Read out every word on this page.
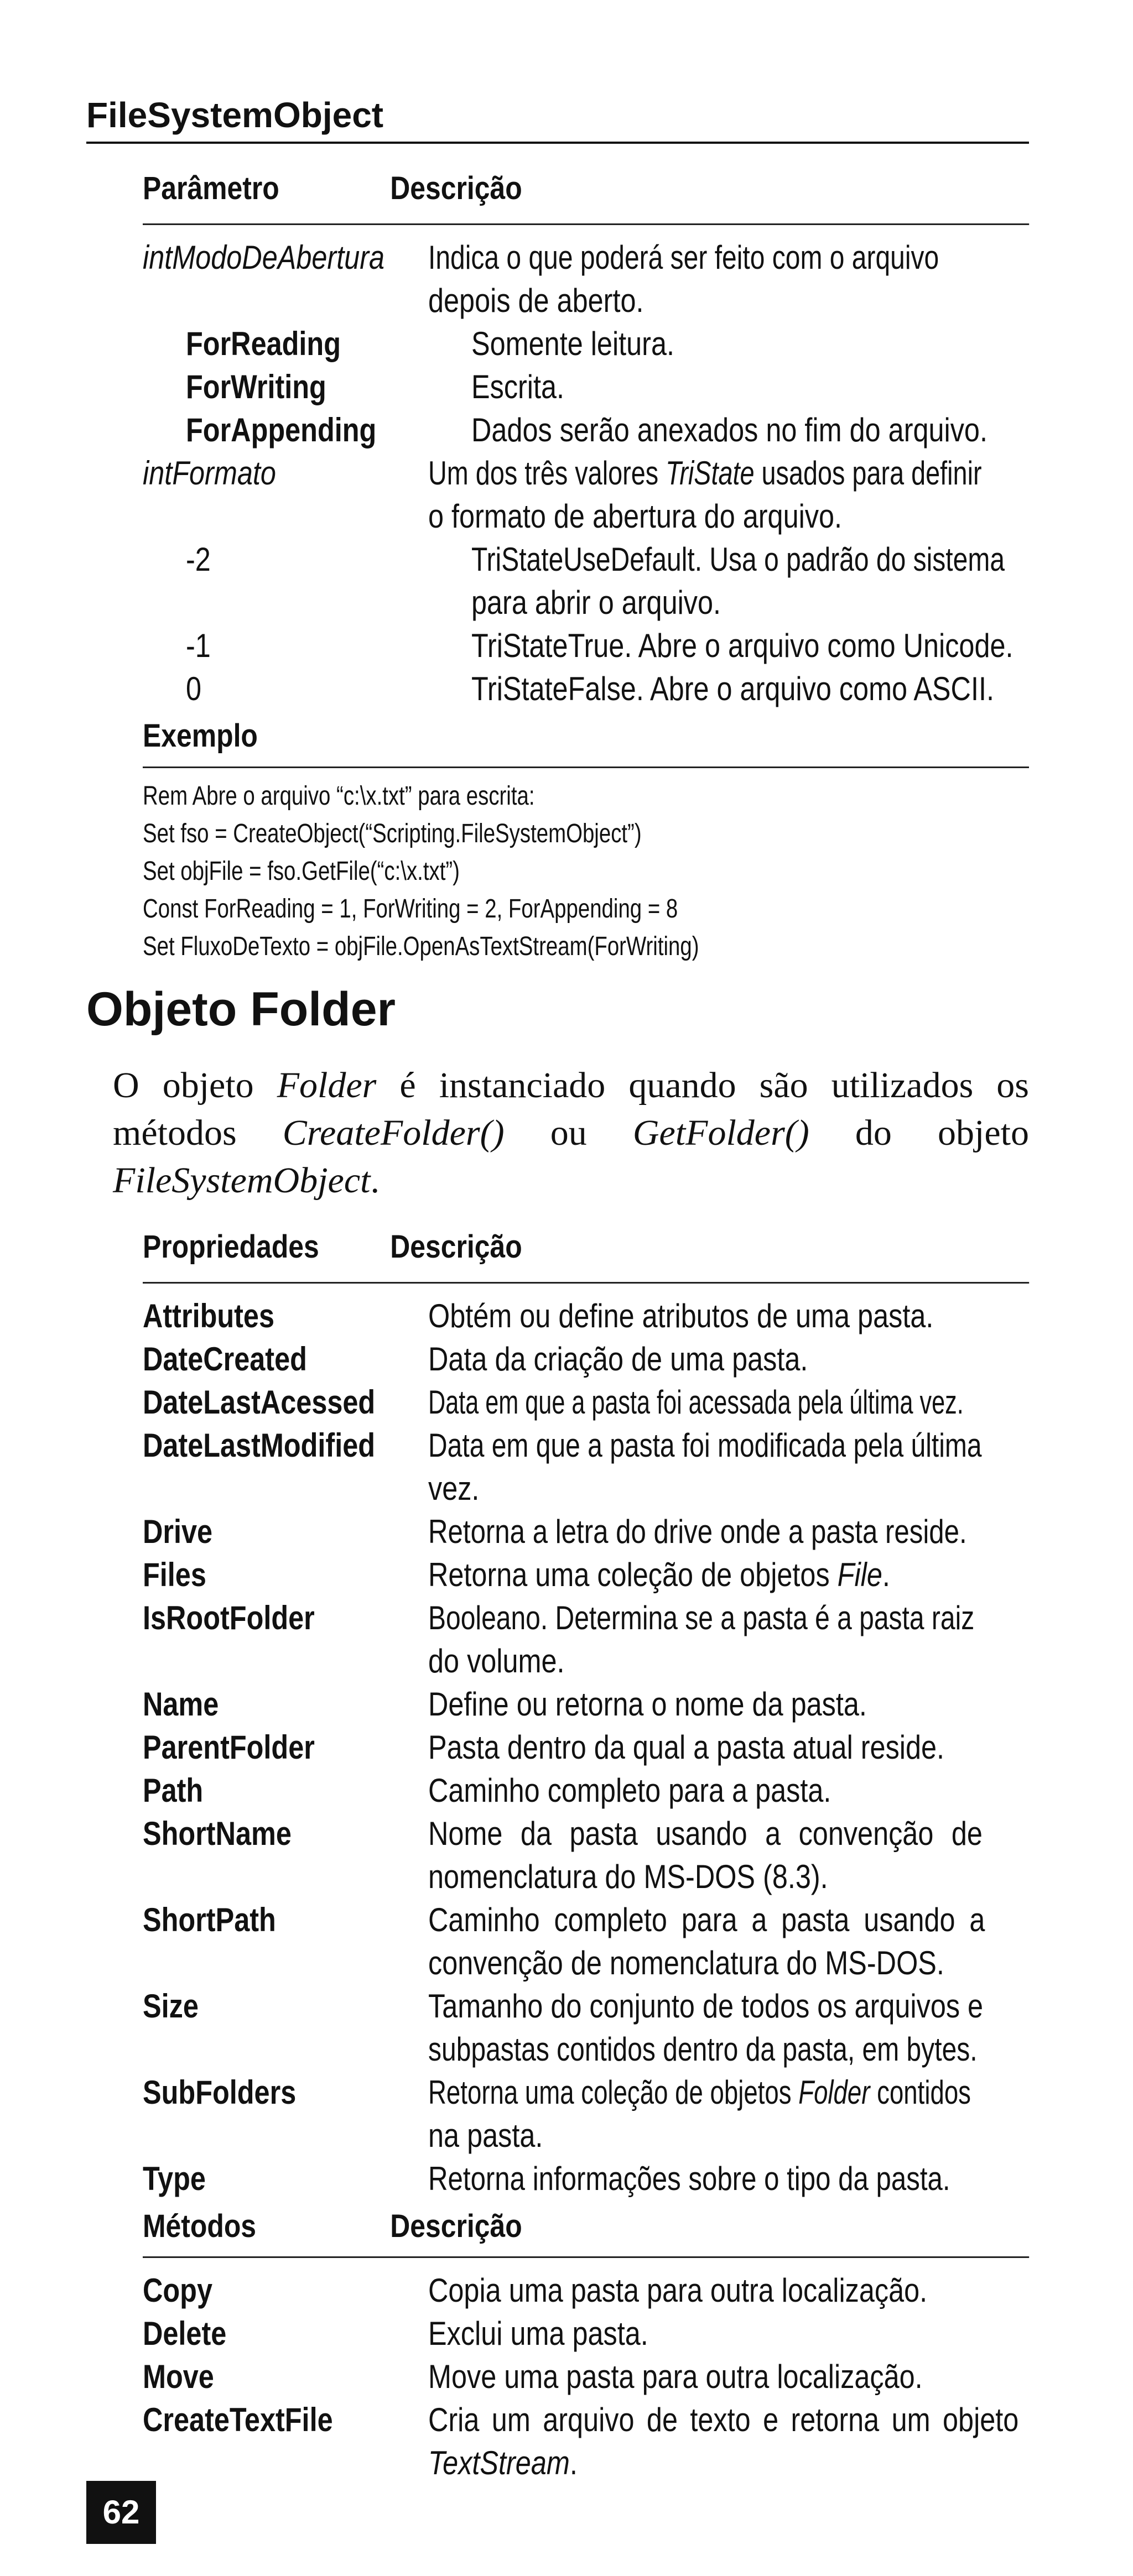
FileSystemObject
Parâmetro	Descrição
intModoDeAbertura	Indica o que poderá ser feito com o arquivo
depois de aberto.
ForReading	Somente leitura.
ForWriting	Escrita.
ForAppending	Dados serão anexados no fim do arquivo.
intFormato	Um dos três valores TriState usados para definir
o formato de abertura do arquivo.
-2	TriStateUseDefault. Usa o padrão do sistema
para abrir o arquivo.
-1	TriStateTrue. Abre o arquivo como Unicode.
0	TriStateFalse. Abre o arquivo como ASCII.
Exemplo
Rem Abre o arquivo “c:\x.txt” para escrita:
Set fso = CreateObject(“Scripting.FileSystemObject”)
Set objFile = fso.GetFile(“c:\x.txt”)
Const ForReading = 1, ForWriting = 2, ForAppending = 8
Set FluxoDeTexto = objFile.OpenAsTextStream(ForWriting)
Objeto Folder
O objeto Folder é instanciado quando são utilizados os métodos CreateFolder() ou GetFolder() do objeto FileSystemObject.
Propriedades	Descrição
Attributes	Obtém ou define atributos de uma pasta.
DateCreated	Data da criação de uma pasta.
DateLastAcessed	Data em que a pasta foi acessada pela última vez.
DateLastModified	Data em que a pasta foi modificada pela última
vez.
Drive	Retorna a letra do drive onde a pasta reside.
Files	Retorna uma coleção de objetos File.
IsRootFolder	Booleano. Determina se a pasta é a pasta raiz
do volume.
Name	Define ou retorna o nome da pasta.
ParentFolder	Pasta dentro da qual a pasta atual reside.
Path	Caminho completo para a pasta.
ShortName	Nome da pasta usando a convenção de
nomenclatura do MS-DOS (8.3).
ShortPath	Caminho completo para a pasta usando a
convenção de nomenclatura do MS-DOS.
Size	Tamanho do conjunto de todos os arquivos e
subpastas contidos dentro da pasta, em bytes.
SubFolders	Retorna uma coleção de objetos Folder contidos
na pasta.
Type	Retorna informações sobre o tipo da pasta.
Métodos	Descrição
Copy	Copia uma pasta para outra localização.
Delete	Exclui uma pasta.
Move	Move uma pasta para outra localização.
CreateTextFile	Cria um arquivo de texto e retorna um objeto
TextStream.
62
